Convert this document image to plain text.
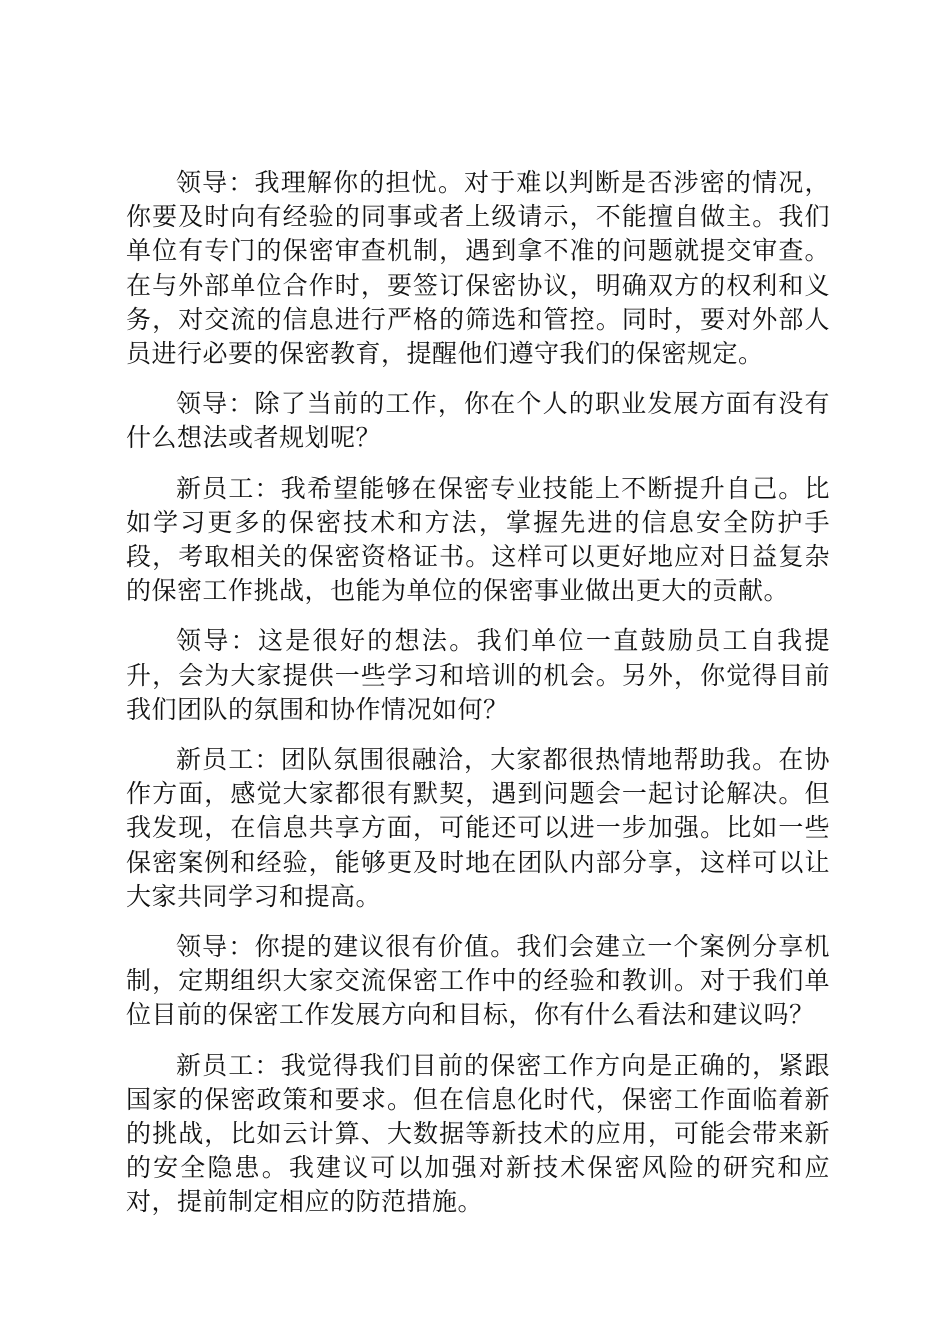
领导：我理解你的担忧。对于难以判断是否涉密的情况，你要及时向有经验的同事或者上级请示，不能擅自做主。我们单位有专门的保密审查机制，遇到拿不准的问题就提交审查。在与外部单位合作时，要签订保密协议，明确双方的权利和义务，对交流的信息进行严格的筛选和管控。同时，要对外部人员进行必要的保密教育，提醒他们遵守我们的保密规定。

领导：除了当前的工作，你在个人的职业发展方面有没有什么想法或者规划呢？

新员工：我希望能够在保密专业技能上不断提升自己。比如学习更多的保密技术和方法，掌握先进的信息安全防护手段，考取相关的保密资格证书。这样可以更好地应对日益复杂的保密工作挑战，也能为单位的保密事业做出更大的贡献。

领导：这是很好的想法。我们单位一直鼓励员工自我提升，会为大家提供一些学习和培训的机会。另外，你觉得目前我们团队的氛围和协作情况如何？

新员工：团队氛围很融洽，大家都很热情地帮助我。在协作方面，感觉大家都很有默契，遇到问题会一起讨论解决。但我发现，在信息共享方面，可能还可以进一步加强。比如一些保密案例和经验，能够更及时地在团队内部分享，这样可以让大家共同学习和提高。

领导：你提的建议很有价值。我们会建立一个案例分享机制，定期组织大家交流保密工作中的经验和教训。对于我们单位目前的保密工作发展方向和目标，你有什么看法和建议吗？

新员工：我觉得我们目前的保密工作方向是正确的，紧跟国家的保密政策和要求。但在信息化时代，保密工作面临着新的挑战，比如云计算、大数据等新技术的应用，可能会带来新的安全隐患。我建议可以加强对新技术保密风险的研究和应对，提前制定相应的防范措施。
